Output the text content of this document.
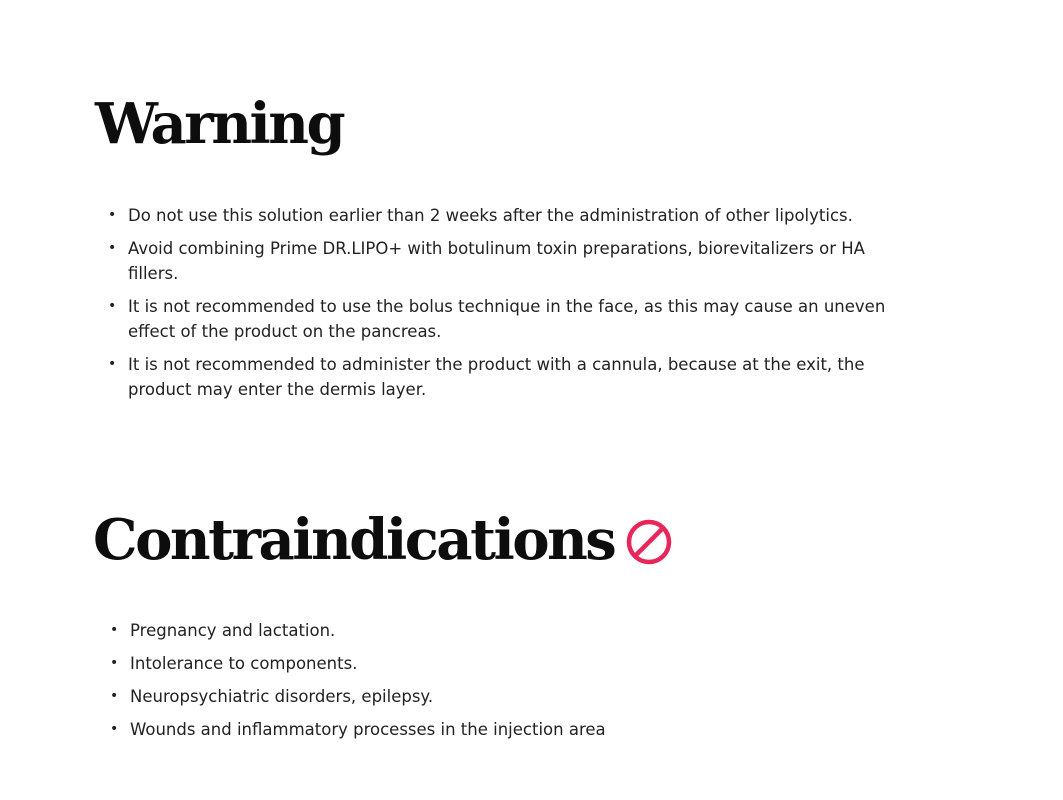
Warning
• Do not use this solution earlier than 2 weeks after the administration of other lipolytics.
• Avoid combining Prime DR.LIPO+ with botulinum toxin preparations, biorevitalizers or HA fillers.
• It is not recommended to use the bolus technique in the face, as this may cause an uneven effect of the product on the pancreas.
• It is not recommended to administer the product with a cannula, because at the exit, the product may enter the dermis layer.
Contraindications
• Pregnancy and lactation.
• Intolerance to components.
• Neuropsychiatric disorders, epilepsy.
• Wounds and inflammatory processes in the injection area
